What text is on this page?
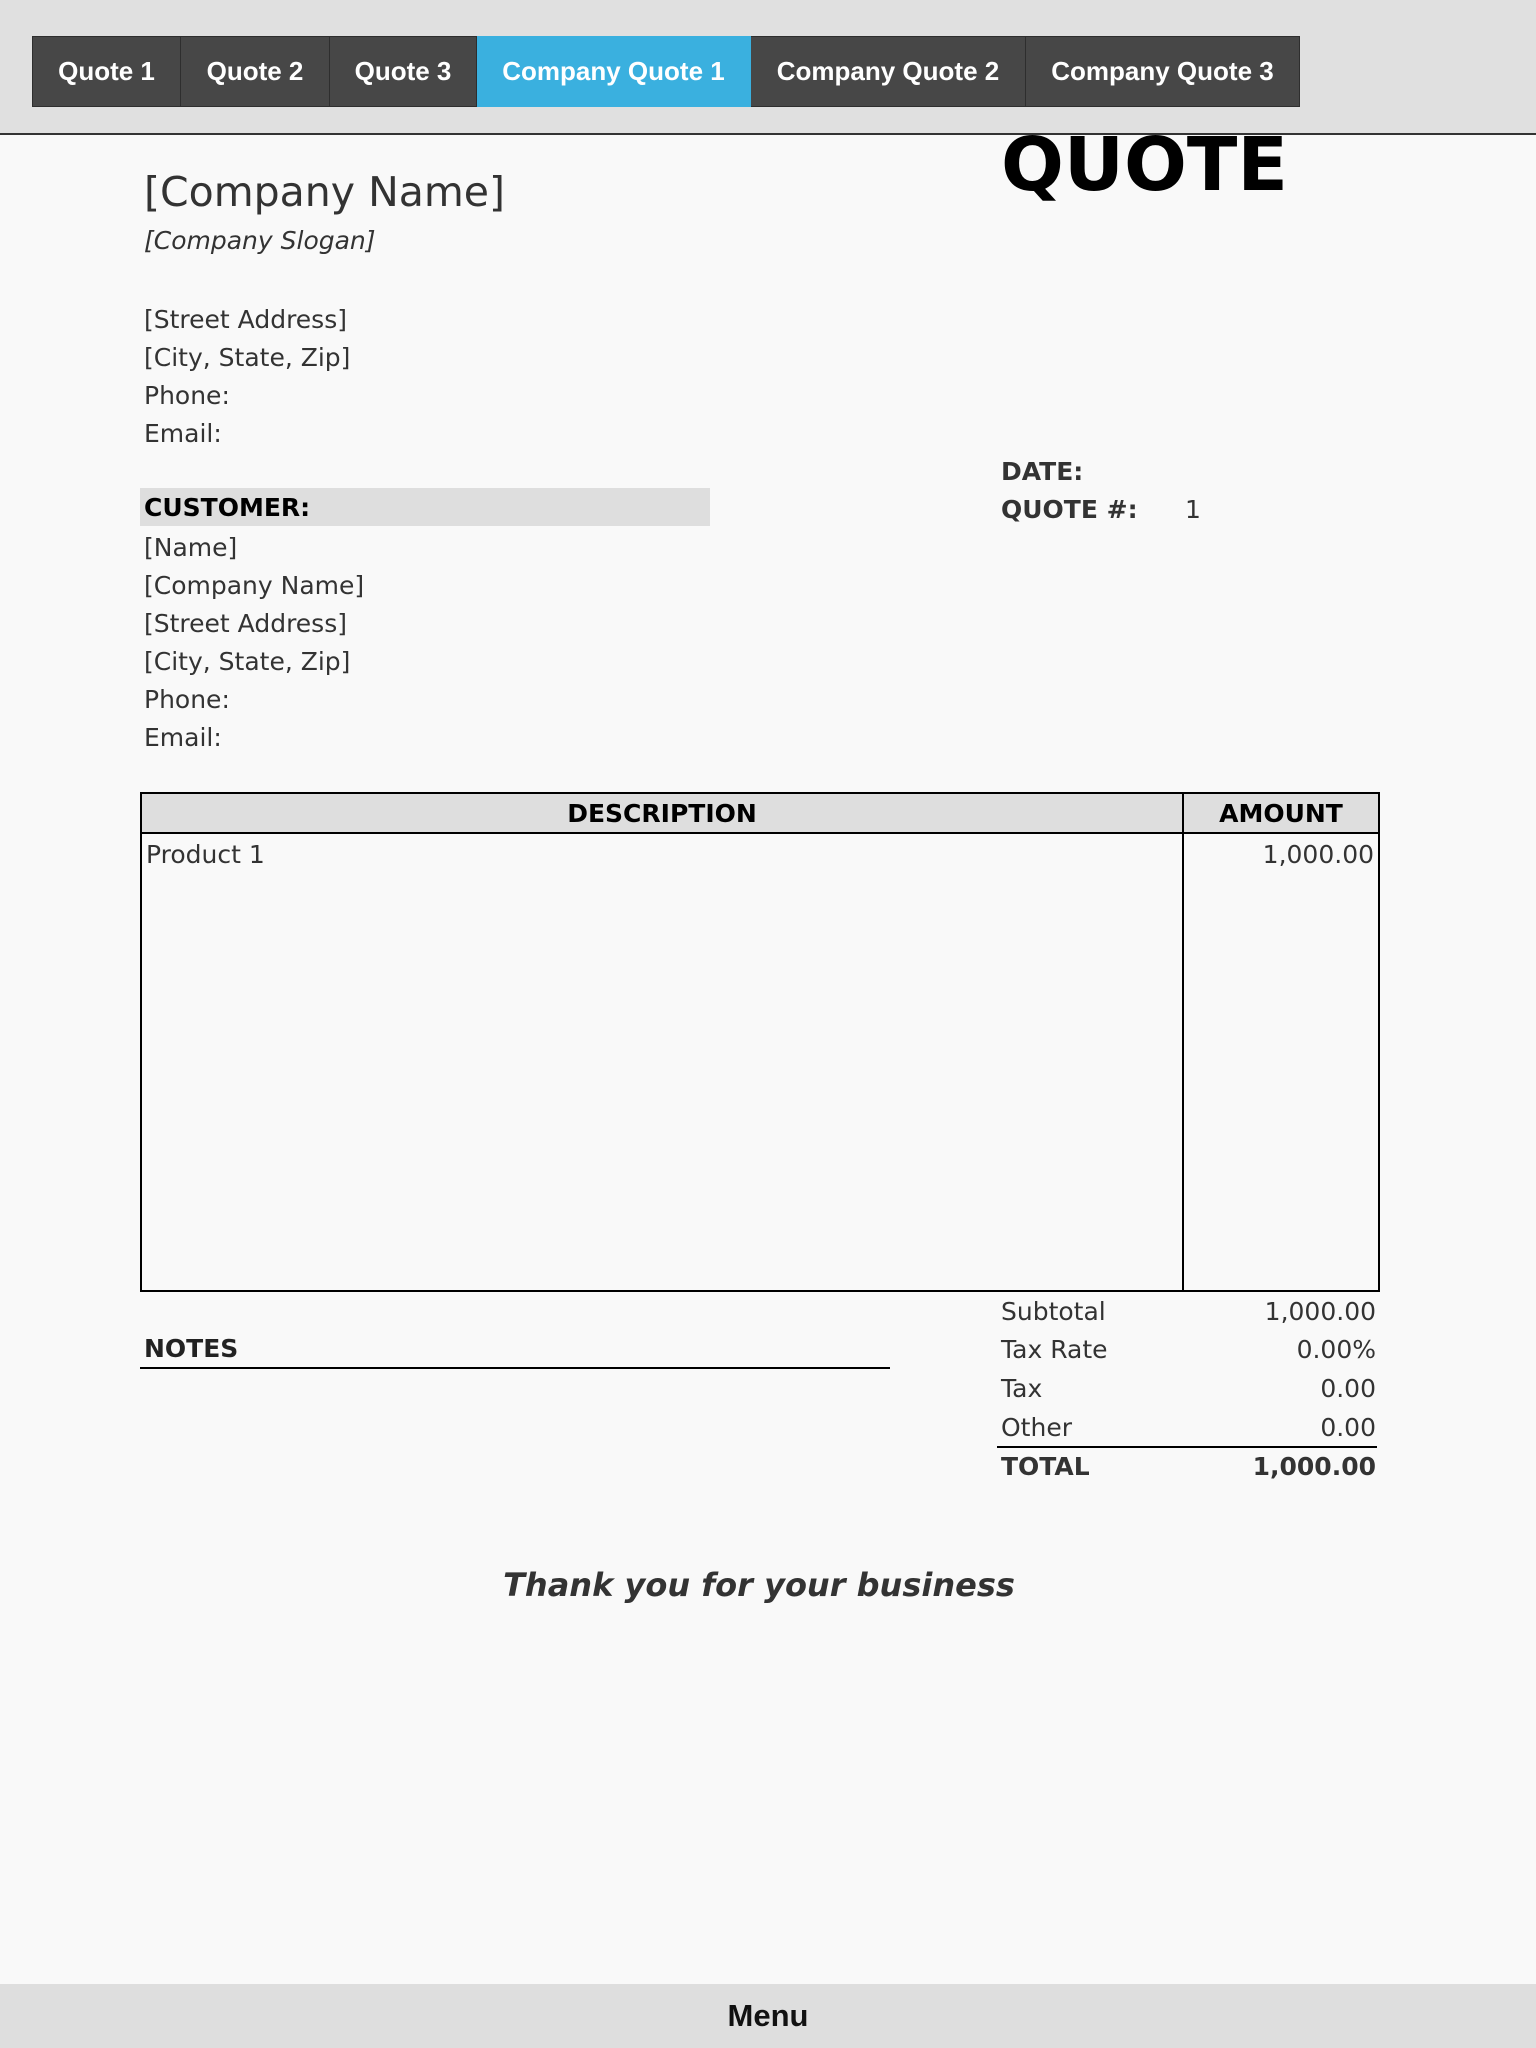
Quote 1	Quote 2	Quote 3	Company Quote 1	Company Quote 2	Company Quote 3
[Company Name]
[Company Slogan]
[Street Address]
[City, State, Zip]
Phone:
Email:
QUOTE
DATE:
QUOTE #: 1
CUSTOMER:
[Name]
[Company Name]
[Street Address]
[City, State, Zip]
Phone:
Email:
DESCRIPTION	AMOUNT
Product 1	1,000.00
NOTES
Subtotal	1,000.00
Tax Rate	0.00%
Tax	0.00
Other	0.00
TOTAL	1,000.00
Thank you for your business
Menu
